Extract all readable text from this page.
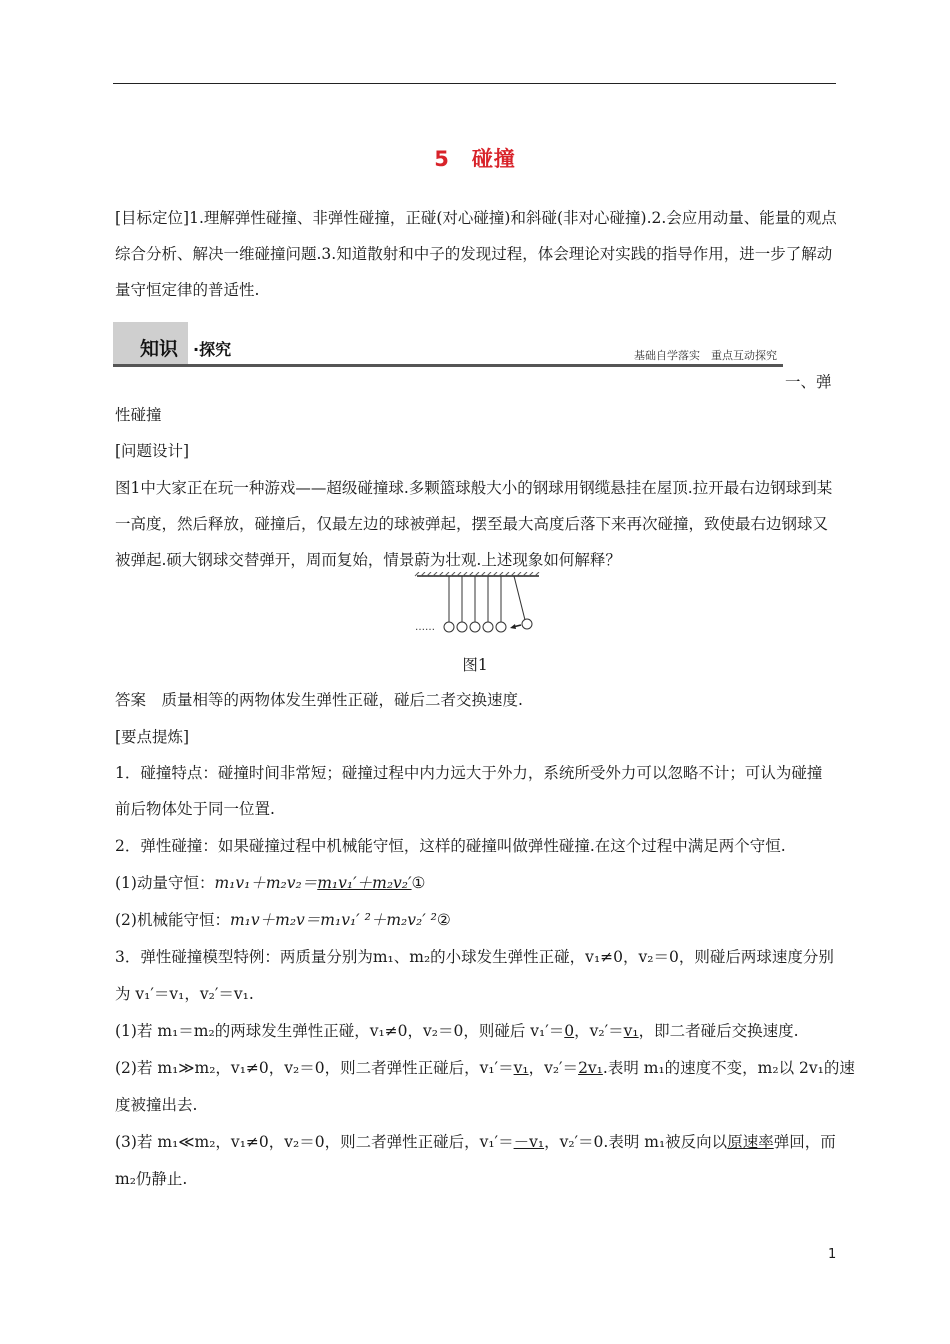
5 碰撞
[目标定位]1.理解弹性碰撞、非弹性碰撞，正碰(对心碰撞)和斜碰(非对心碰撞).2.会应用动量、能量的观点综合分析、解决一维碰撞问题.3.知道散射和中子的发现过程，体会理论对实践的指导作用，进一步了解动量守恒定律的普适性.
知识 ·探究	基础自学落实　重点互动探究
一、弹
性碰撞
[问题设计]
图1中大家正在玩一种游戏——超级碰撞球.多颗篮球般大小的钢球用钢缆悬挂在屋顶.拉开最右边钢球到某一高度，然后释放，碰撞后，仅最左边的球被弹起，摆至最大高度后落下来再次碰撞，致使最右边钢球又被弹起.硕大钢球交替弹开，周而复始，情景蔚为壮观.上述现象如何解释？
……
图1
答案　质量相等的两物体发生弹性正碰，碰后二者交换速度.
[要点提炼]
1．碰撞特点：碰撞时间非常短；碰撞过程中内力远大于外力，系统所受外力可以忽略不计；可认为碰撞前后物体处于同一位置.
2．弹性碰撞：如果碰撞过程中机械能守恒，这样的碰撞叫做弹性碰撞.在这个过程中满足两个守恒.
(1)动量守恒：m₁v₁＋m₂v₂＝m₁v₁′＋m₂v₂′①
(2)机械能守恒：m₁v＋m₂v＝m₁v₁′ ²＋m₂v₂′ ²②
3．弹性碰撞模型特例：两质量分别为m₁、m₂的小球发生弹性正碰，v₁≠0，v₂＝0，则碰后两球速度分别
为 v₁′＝v₁，v₂′＝v₁.
(1)若 m₁＝m₂的两球发生弹性正碰，v₁≠0，v₂＝0，则碰后 v₁′＝0，v₂′＝v₁，即二者碰后交换速度.
(2)若 m₁≫m₂，v₁≠0，v₂＝0，则二者弹性正碰后，v₁′＝v₁，v₂′＝2v₁.表明 m₁的速度不变，m₂以 2v₁的速
度被撞出去.
(3)若 m₁≪m₂，v₁≠0，v₂＝0，则二者弹性正碰后，v₁′＝－v₁，v₂′＝0.表明 m₁被反向以原速率弹回，而
m₂仍静止.
1
